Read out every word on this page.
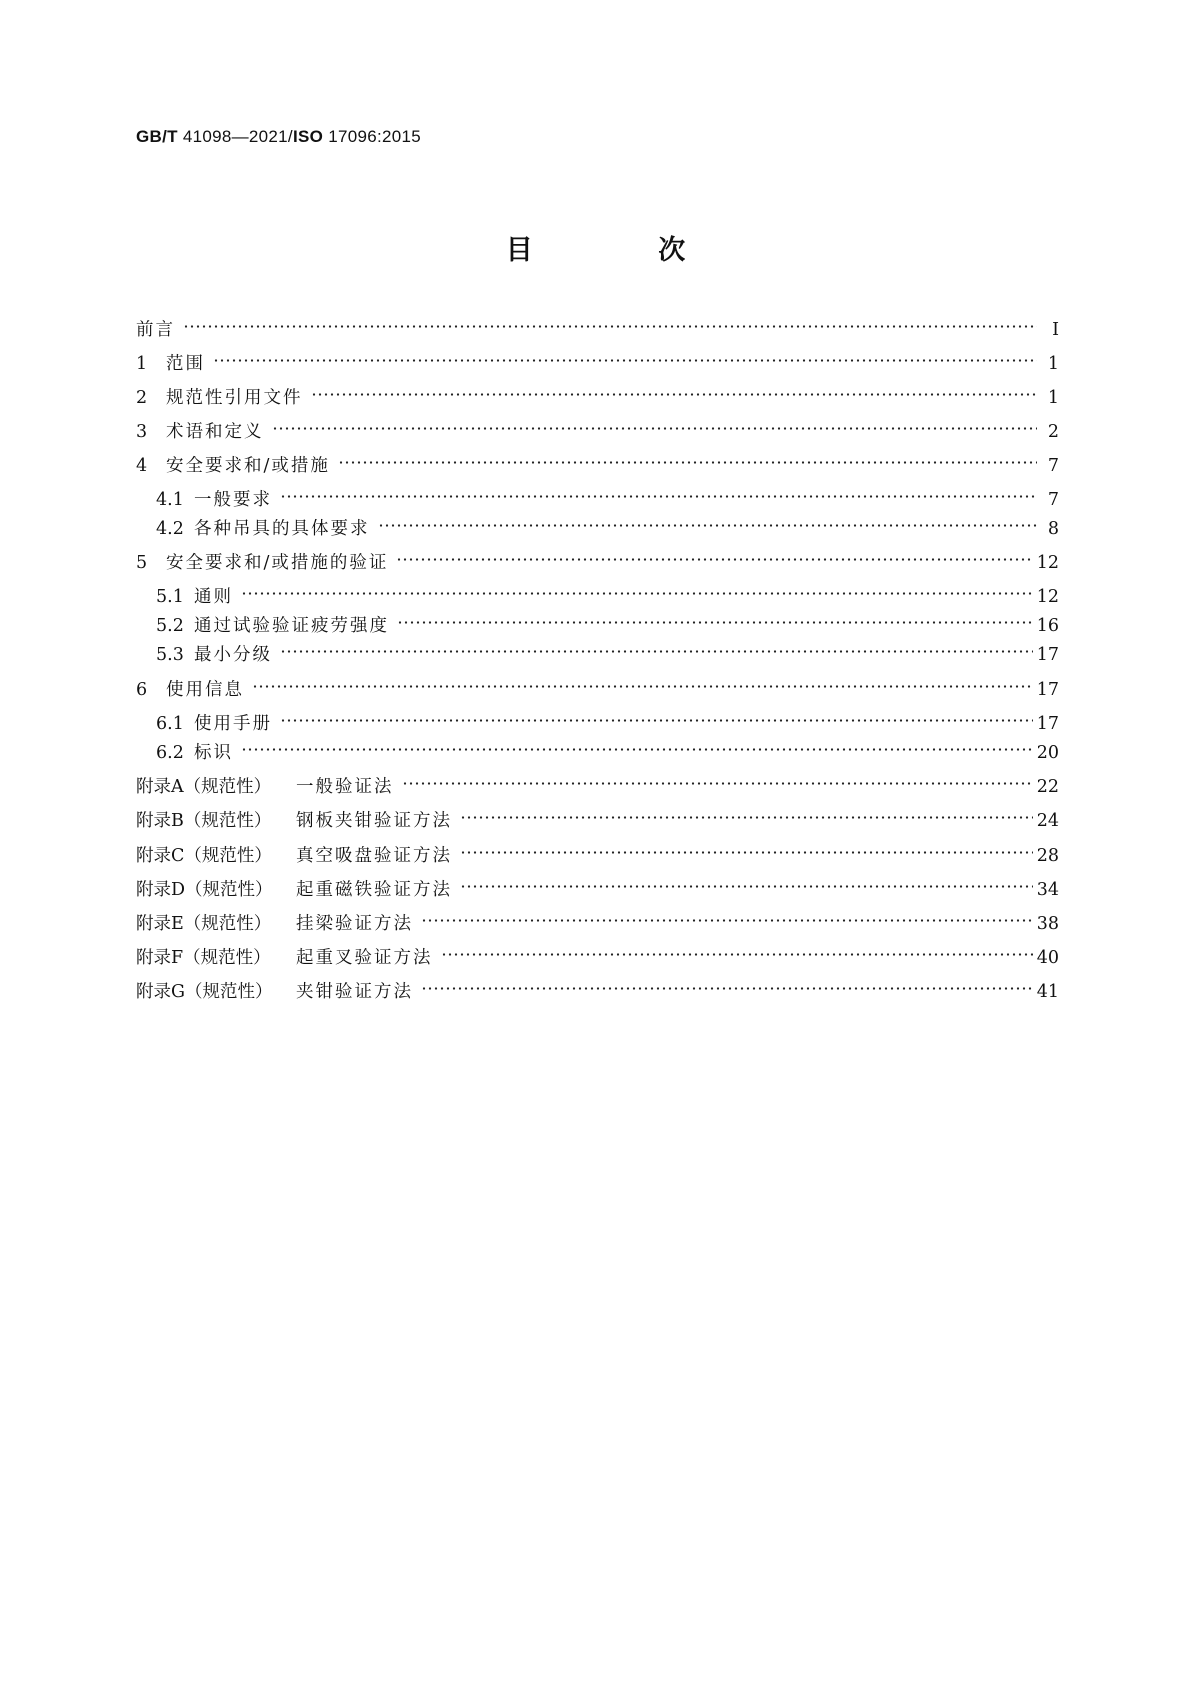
GB/T 41098—2021/ISO 17096:2015
目 次
前言	Ⅰ
1	范围	1
2	规范性引用文件	1
3	术语和定义	2
4	安全要求和/或措施	7
4.1 一般要求	7
4.2 各种吊具的具体要求	8
5	安全要求和/或措施的验证	12
5.1 通则	12
5.2 通过试验验证疲劳强度	16
5.3 最小分级	17
6	使用信息	17
6.1 使用手册	17
6.2 标识	20
附录A（规范性）	一般验证法	22
附录B（规范性）	钢板夹钳验证方法	24
附录C（规范性）	真空吸盘验证方法	28
附录D（规范性）	起重磁铁验证方法	34
附录E（规范性）	挂梁验证方法	38
附录F（规范性）	起重叉验证方法	40
附录G（规范性）	夹钳验证方法	41
